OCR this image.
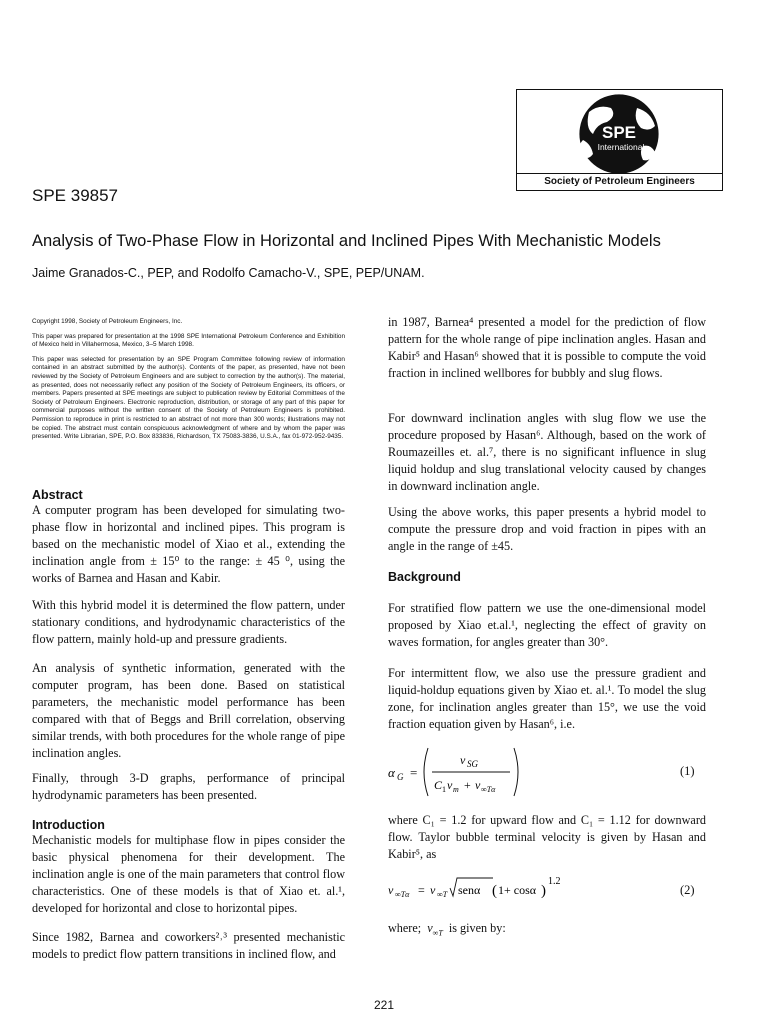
SPE
International
Society of Petroleum Engineers
SPE 39857
Analysis of Two-Phase Flow in Horizontal and Inclined Pipes With Mechanistic Models
Jaime Granados-C., PEP, and Rodolfo Camacho-V., SPE, PEP/UNAM.

Copyright 1998, Society of Petroleum Engineers, Inc.

This paper was prepared for presentation at the 1998 SPE International Petroleum Conference and Exhibition of Mexico held in Villahermosa, Mexico, 3–5 March 1998.

This paper was selected for presentation by an SPE Program Committee following review of information contained in an abstract submitted by the author(s). Contents of the paper, as presented, have not been reviewed by the Society of Petroleum Engineers and are subject to correction by the author(s). The material, as presented, does not necessarily reflect any position of the Society of Petroleum Engineers, its officers, or members. Papers presented at SPE meetings are subject to publication review by Editorial Committees of the Society of Petroleum Engineers. Electronic reproduction, distribution, or storage of any part of this paper for commercial purposes without the written consent of the Society of Petroleum Engineers is prohibited. Permission to reproduce in print is restricted to an abstract of not more than 300 words; illustrations may not be copied. The abstract must contain conspicuous acknowledgment of where and by whom the paper was presented. Write Librarian, SPE, P.O. Box 833836, Richardson, TX 75083-3836, U.S.A., fax 01-972-952-9435.

Abstract

A computer program has been developed for simulating two-phase flow in horizontal and inclined pipes. This program is based on the mechanistic model of Xiao et al., extending the inclination angle from ± 15⁰ to the range: ± 45 ⁰, using the works of Barnea and Hasan and Kabir.

With this hybrid model it is determined the flow pattern, under stationary conditions, and hydrodynamic characteristics of the flow pattern, mainly hold-up and pressure gradients.

An analysis of synthetic information, generated with the computer program, has been done. Based on statistical parameters, the mechanistic model performance has been compared with that of Beggs and Brill correlation, observing similar trends, with both procedures for the whole range of pipe inclination angles.

Finally, through 3-D graphs, performance of principal hydrodynamic parameters has been presented.

Introduction

Mechanistic models for multiphase flow in pipes consider the basic physical phenomena for their development. The inclination angle is one of the main parameters that control flow characteristics. One of these models is that of Xiao et. al.¹, developed for horizontal and close to horizontal pipes.

Since 1982, Barnea and coworkers²˒³ presented mechanistic models to predict flow pattern transitions in inclined flow, and

in 1987, Barnea⁴ presented a model for the prediction of flow pattern for the whole range of pipe inclination angles. Hasan and Kabir⁵ and Hasan⁶ showed that it is possible to compute the void fraction in inclined wellbores for bubbly and slug flows.

For downward inclination angles with slug flow we use the procedure proposed by Hasan⁶. Although, based on the work of Roumazeilles et. al.⁷, there is no significant influence in slug liquid holdup and slug translational velocity caused by changes in downward inclination angle.

Using the above works, this paper presents a hybrid model to compute the pressure drop and void fraction in pipes with an angle in the range of ±45.

Background

For stratified flow pattern we use the one-dimensional model proposed by Xiao et.al.¹, neglecting the effect of gravity on waves formation, for angles greater than 30°.

For intermittent flow, we also use the pressure gradient and liquid-holdup equations given by Xiao et. al.¹. To model the slug zone, for inclination angles greater than 15°, we use the void fraction equation given by Hasan⁶, i.e.

α G =
v SG
C 1 v m + v ∞Tα
(1)

where C₁ = 1.2 for upward flow and C₁ = 1.12 for downward flow. Taylor bubble terminal velocity is given by Hasan and Kabir⁵, as

v ∞Tα = v ∞T senα ( 1+ cosα )
1.2
(2)
where; $v_{\infty T}$ is given by:
221
